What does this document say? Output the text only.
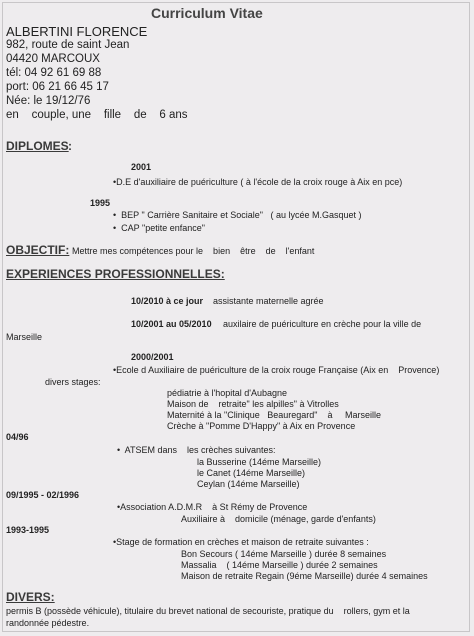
Curriculum Vitae
ALBERTINI FLORENCE
982, route de saint Jean
04420 MARCOUX
tél: 04 92 61 69 88
port: 06 21 66 45 17
Née: le 19/12/76
en    couple, une    fille    de    6 ans
DIPLOMES :
2001
•D.E d'auxiliaire de puériculture ( à l'école de la croix rouge à Aix en pce)
1995
•  BEP " Carrière Sanitaire et Sociale"   ( au lycée M.Gasquet )
•  CAP "petite enfance"
OBJECTIF: Mettre mes compétences pour le    bien    être    de    l'enfant
EXPERIENCES PROFESSIONNELLES:
10/2010 à ce jour assistante maternelle agrée
10/2001 au 05/2010 auxilaire de puériculture en crèche pour la ville de
Marseille
2000/2001
•Ecole d Auxiliaire de puériculture de la croix rouge Française (Aix en    Provence)
divers stages:
pédiatrie à l'hopital d'Aubagne
Maison de    retraite" les alpilles" à Vitrolles
Maternité à la "Clinique   Beauregard"    à     Marseille
Crèche à "Pomme D'Happy" à Aix en Provence
04/96
•  ATSEM dans    les crèches suivantes:
la Busserine (14éme Marseille)
le Canet (14éme Marseille)
Ceylan (14éme Marseille)
09/1995 - 02/1996
•Association A.D.M.R    à St Rémy de Provence
Auxiliaire à    domicile (ménage, garde d'enfants)
1993-1995
•Stage de formation en crèches et maison de retraite suivantes :
Bon Secours ( 14éme Marseille ) durée 8 semaines
Massalia    ( 14éme Marseille ) durée 2 semaines
Maison de retraite Regain (9éme Marseille) durée 4 semaines
DIVERS:
permis B (possède véhicule), titulaire du brevet national de secouriste, pratique du    rollers, gym et la
randonnée pédestre.
